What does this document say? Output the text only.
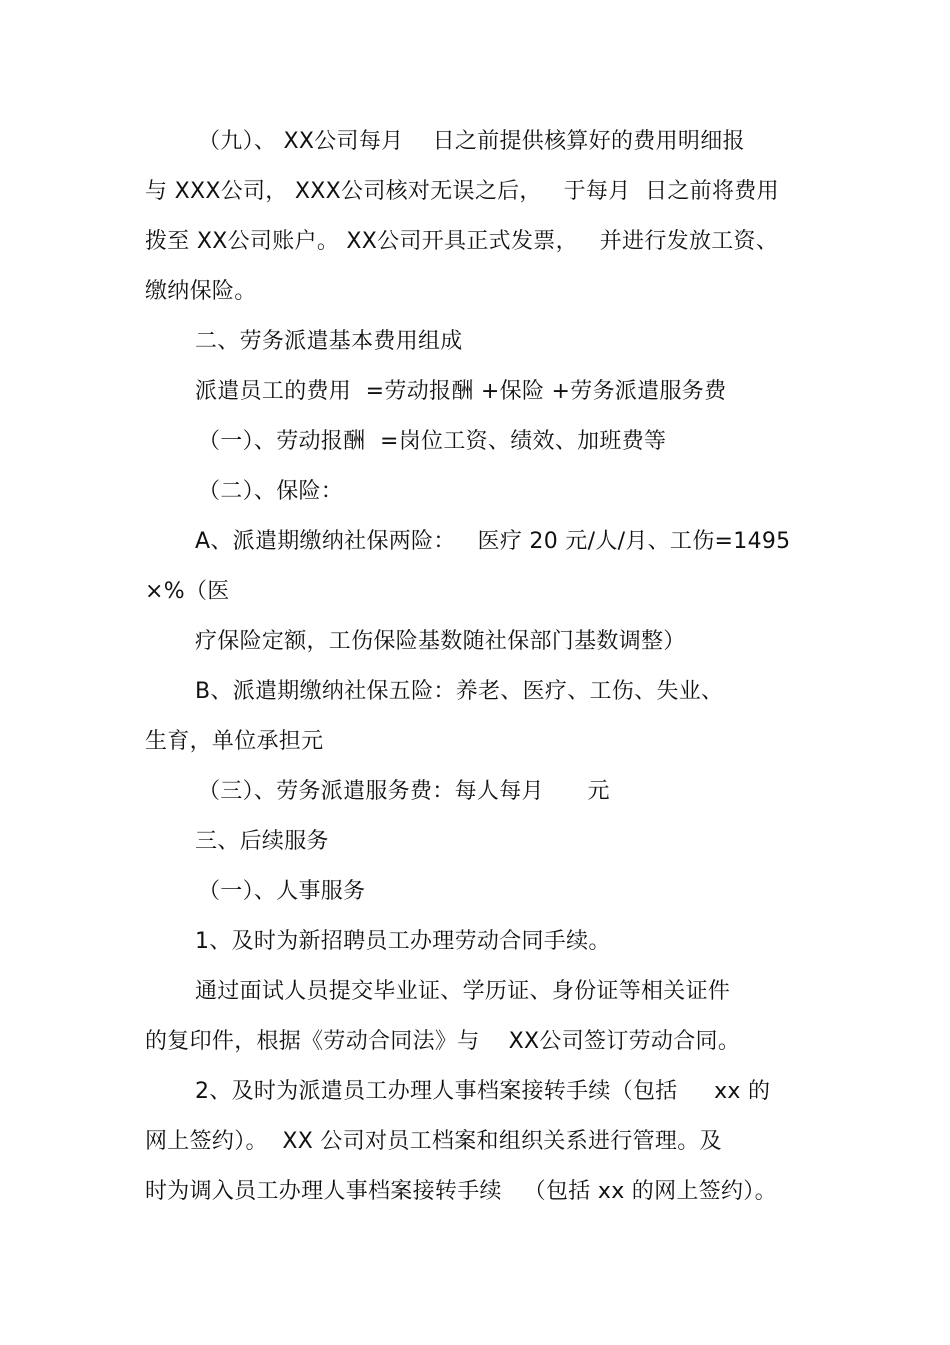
（九）、 XX公司每月    日之前提供核算好的费用明细报
与 XXX公司， XXX公司核对无误之后，   于每月  日之前将费用
拨至 XX公司账户。 XX公司开具正式发票，   并进行发放工资、
缴纳保险。
二、劳务派遣基本费用组成
派遣员工的费用  =劳动报酬 +保险 +劳务派遣服务费
（一）、劳动报酬  =岗位工资、绩效、加班费等
（二）、保险：
A、派遣期缴纳社保两险：   医疗 20 元/人/月、工伤=1495
×%（医
疗保险定额，工伤保险基数随社保部门基数调整）
B、派遣期缴纳社保五险：养老、医疗、工伤、失业、
生育，单位承担元
（三）、劳务派遣服务费：每人每月      元
三、后续服务
（一）、人事服务
1、及时为新招聘员工办理劳动合同手续。
通过面试人员提交毕业证、学历证、身份证等相关证件
的复印件，根据《劳动合同法》与    XX公司签订劳动合同。
2、及时为派遣员工办理人事档案接转手续（包括     xx 的
网上签约）。  XX 公司对员工档案和组织关系进行管理。及
时为调入员工办理人事档案接转手续   （包括 xx 的网上签约）。
